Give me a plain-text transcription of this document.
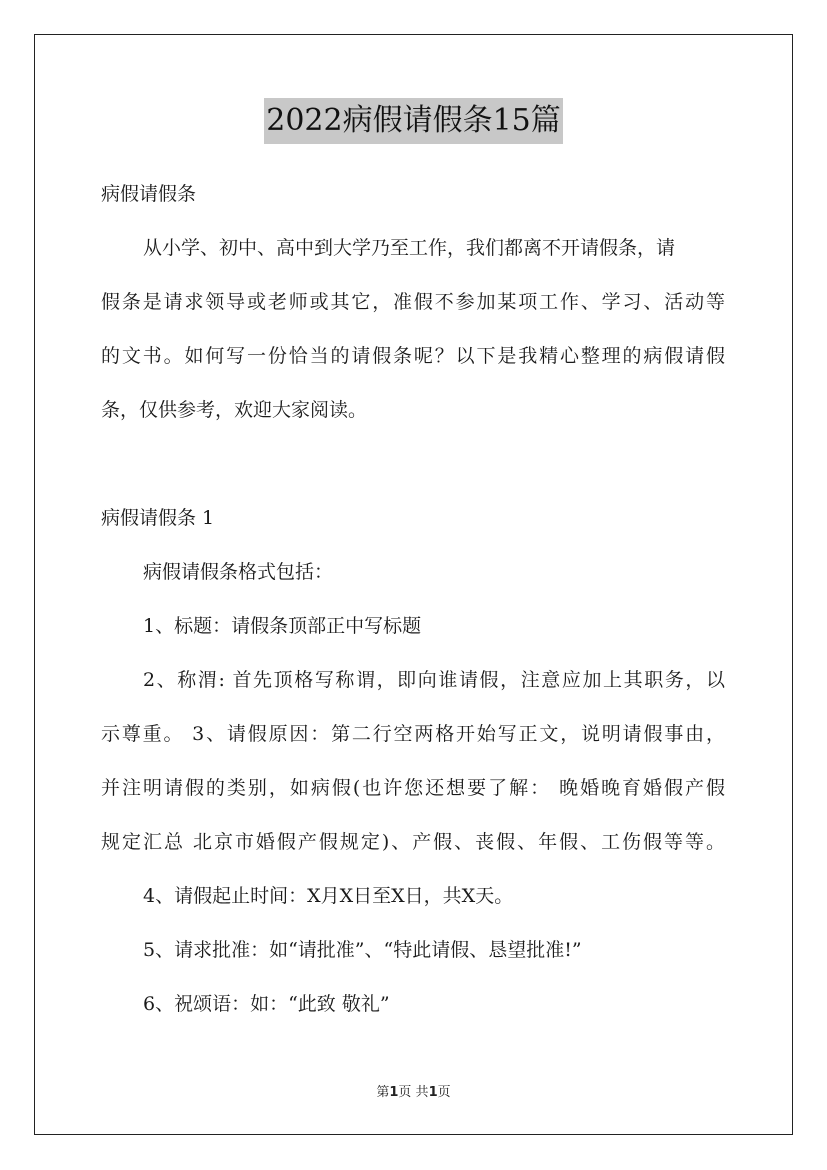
2022病假请假条15篇
病假请假条
从小学、初中、高中到大学乃至工作，我们都离不开请假条，请
假条是请求领导或老师或其它，准假不参加某项工作、学习、活动等
的文书。如何写一份恰当的请假条呢？以下是我精心整理的病假请假
条，仅供参考，欢迎大家阅读。
病假请假条 1
病假请假条格式包括：
1、标题：请假条顶部正中写标题
2、称渭: 首先顶格写称谓，即向谁请假，注意应加上其职务，以
示尊重。 3、请假原因：第二行空两格开始写正文，说明请假事由，
并注明请假的类别，如病假(也许您还想要了解： 晚婚晚育婚假产假
规定汇总 北京市婚假产假规定)、产假、丧假、年假、工伤假等等。
4、请假起止时间：X月X日至X日，共X天。
5、请求批准：如“请批准”、“特此请假、恳望批准!”
6、祝颂语：如：“此致 敬礼”
第1页 共1页
